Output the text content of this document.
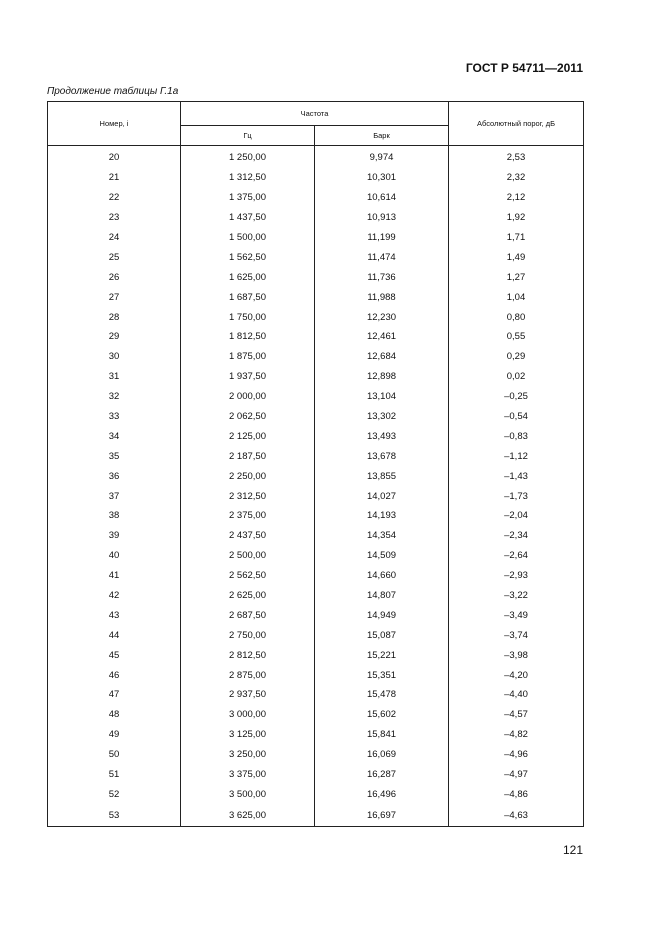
ГОСТ Р 54711—2011
Продолжение таблицы Г.1а
Номер, i	Частота		Абсолютный порог, дБ
	Гц	Барк	
20	1 250,00	9,974	2,53
21	1 312,50	10,301	2,32
22	1 375,00	10,614	2,12
23	1 437,50	10,913	1,92
24	1 500,00	11,199	1,71
25	1 562,50	11,474	1,49
26	1 625,00	11,736	1,27
27	1 687,50	11,988	1,04
28	1 750,00	12,230	0,80
29	1 812,50	12,461	0,55
30	1 875,00	12,684	0,29
31	1 937,50	12,898	0,02
32	2 000,00	13,104	–0,25
33	2 062,50	13,302	–0,54
34	2 125,00	13,493	–0,83
35	2 187,50	13,678	–1,12
36	2 250,00	13,855	–1,43
37	2 312,50	14,027	–1,73
38	2 375,00	14,193	–2,04
39	2 437,50	14,354	–2,34
40	2 500,00	14,509	–2,64
41	2 562,50	14,660	–2,93
42	2 625,00	14,807	–3,22
43	2 687,50	14,949	–3,49
44	2 750,00	15,087	–3,74
45	2 812,50	15,221	–3,98
46	2 875,00	15,351	–4,20
47	2 937,50	15,478	–4,40
48	3 000,00	15,602	–4,57
49	3 125,00	15,841	–4,82
50	3 250,00	16,069	–4,96
51	3 375,00	16,287	–4,97
52	3 500,00	16,496	–4,86
53	3 625,00	16,697	–4,63
121
